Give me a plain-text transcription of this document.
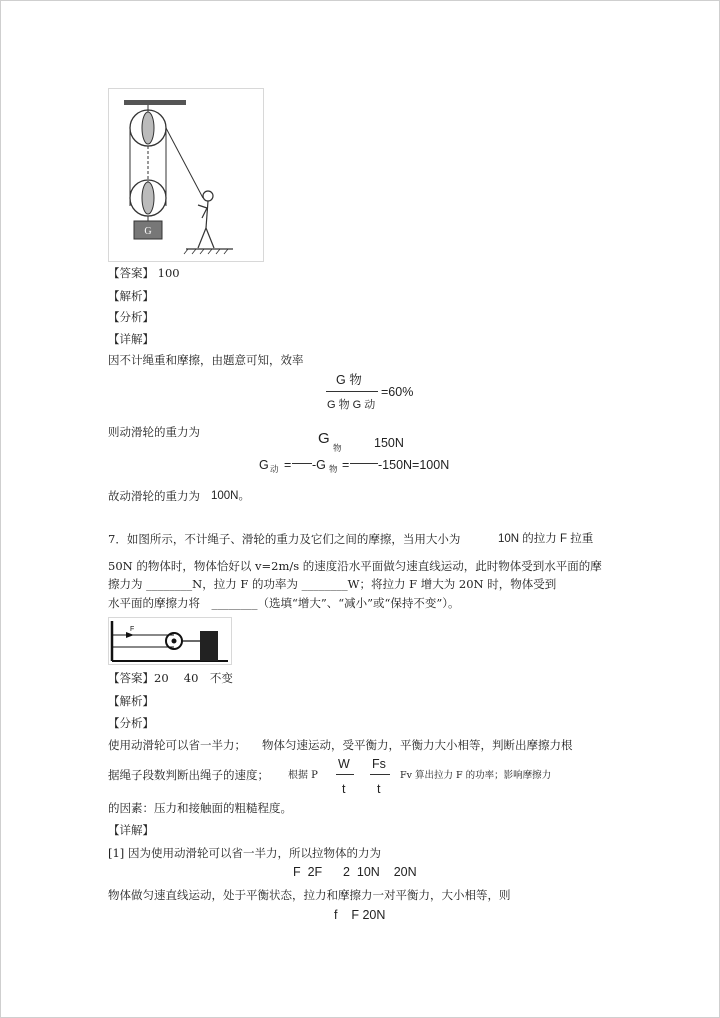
G
【答案】 100
【解析】
【分析】
【详解】
因不计绳重和摩擦，由题意可知，效率
G 物
G 物 G 动
=60%
则动滑轮的重力为	G
物	150N
G 动 = -G 物 = -150N=100N
故动滑轮的重力为 100N。
7．如图所示，不计绳子、滑轮的重力及它们之间的摩擦，当用大小为	10N 的拉力 F 拉重
50N 的物体时，物体恰好以 v=2m/s 的速度沿水平面做匀速直线运动，此时物体受到水平面的摩
擦力为 ________N，拉力 F 的功率为 ________W；将拉力 F 增大为 20N 时，物体受到
水平面的摩擦力将　________（选填“增大”、“减小”或“保持不变”）。
F
【答案】20　 40　不变
【解析】
【分析】
使用动滑轮可以省一半力； 物体匀速运动，受平衡力，平衡力大小相等，判断出摩擦力根
据绳子段数判断出绳子的速度； 根据 P
W
t
Fs
t
Fv 算出拉力 F 的功率；影响摩擦力
的因素：压力和接触面的粗糙程度。
【详解】
[1] 因为使用动滑轮可以省一半力，所以拉物体的力为
F  2F      2  10N    20N
物体做匀速直线运动，处于平衡状态，拉力和摩擦力一对平衡力，大小相等，则
f    F 20N
